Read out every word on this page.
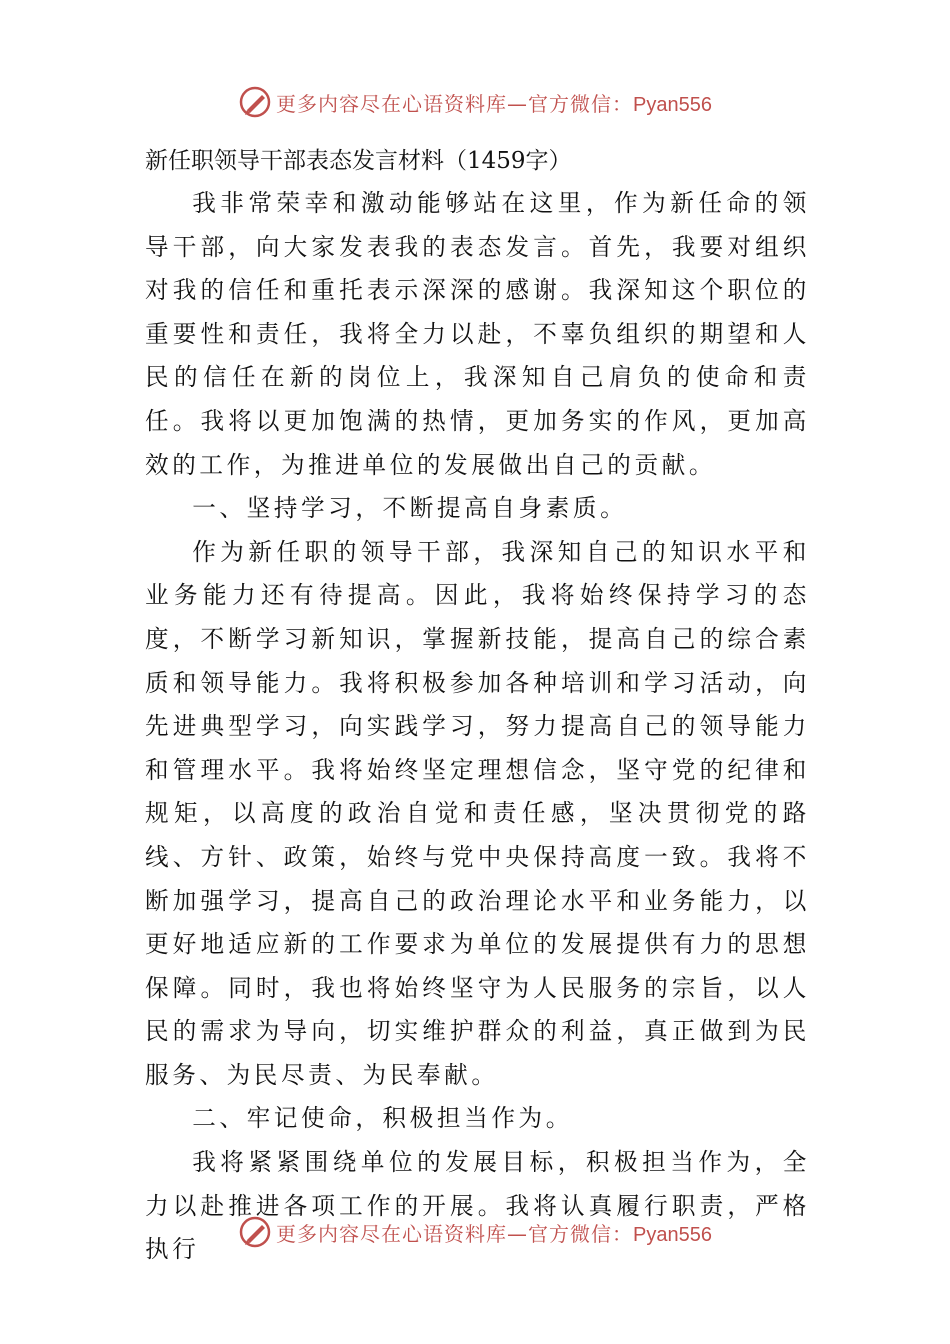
更多内容尽在心语资料库—官方微信：Pyan556

新任职领导干部表态发言材料（1459字）

我非常荣幸和激动能够站在这里，作为新任命的领导干部，向大家发表我的表态发言。首先，我要对组织对我的信任和重托表示深深的感谢。我深知这个职位的重要性和责任，我将全力以赴，不辜负组织的期望和人民的信任在新的岗位上，我深知自己肩负的使命和责任。我将以更加饱满的热情，更加务实的作风，更加高效的工作，为推进单位的发展做出自己的贡献。

一、坚持学习，不断提高自身素质。

作为新任职的领导干部，我深知自己的知识水平和业务能力还有待提高。因此，我将始终保持学习的态度，不断学习新知识，掌握新技能，提高自己的综合素质和领导能力。我将积极参加各种培训和学习活动，向先进典型学习，向实践学习，努力提高自己的领导能力和管理水平。我将始终坚定理想信念，坚守党的纪律和规矩，以高度的政治自觉和责任感，坚决贯彻党的路线、方针、政策，始终与党中央保持高度一致。我将不断加强学习，提高自己的政治理论水平和业务能力，以更好地适应新的工作要求为单位的发展提供有力的思想保障。同时，我也将始终坚守为人民服务的宗旨，以人民的需求为导向，切实维护群众的利益，真正做到为民服务、为民尽责、为民奉献。

二、牢记使命，积极担当作为。

我将紧紧围绕单位的发展目标，积极担当作为，全力以赴推进各项工作的开展。我将认真履行职责，严格执行

更多内容尽在心语资料库—官方微信：Pyan556
